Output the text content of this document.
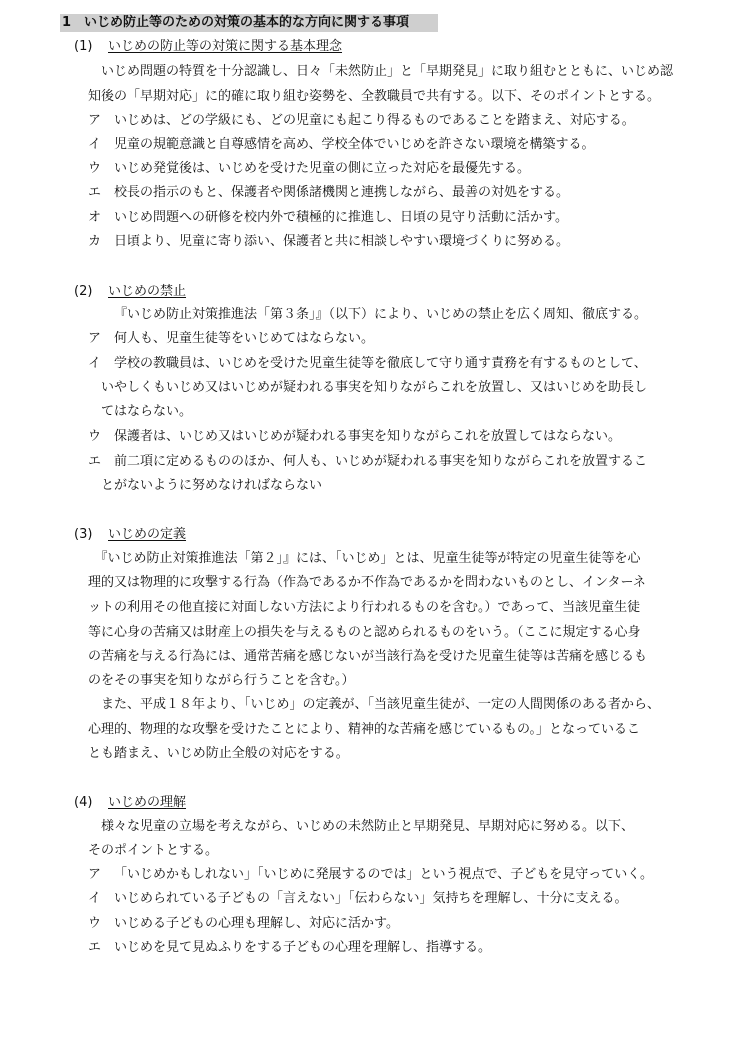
1　いじめ防止等のための対策の基本的な方向に関する事項
(1) いじめの防止等の対策に関する基本理念
　いじめ問題の特質を十分認識し、日々「未然防止」と「早期発見」に取り組むとともに、いじめ認
知後の「早期対応」に的確に取り組む姿勢を、全教職員で共有する。以下、そのポイントとする。
ア いじめは、どの学級にも、どの児童にも起こり得るものであることを踏まえ、対応する。
イ 児童の規範意識と自尊感情を高め、学校全体でいじめを許さない環境を構築する。
ウ いじめ発覚後は、いじめを受けた児童の側に立った対応を最優先する。
エ 校長の指示のもと、保護者や関係諸機関と連携しながら、最善の対処をする。
オ いじめ問題への研修を校内外で積極的に推進し、日頃の見守り活動に活かす。
カ 日頃より、児童に寄り添い、保護者と共に相談しやすい環境づくりに努める。
(2) いじめの禁止
『いじめ防止対策推進法「第３条」』（以下）により、いじめの禁止を広く周知、徹底する。
ア 何人も、児童生徒等をいじめてはならない。
イ 学校の教職員は、いじめを受けた児童生徒等を徹底して守り通す責務を有するものとして、
いやしくもいじめ又はいじめが疑われる事実を知りながらこれを放置し、又はいじめを助長し
てはならない。
ウ 保護者は、いじめ又はいじめが疑われる事実を知りながらこれを放置してはならない。
エ 前二項に定めるもののほか、何人も、いじめが疑われる事実を知りながらこれを放置するこ
とがないように努めなければならない
(3) いじめの定義
　『いじめ防止対策推進法「第２」』には、「いじめ」とは、児童生徒等が特定の児童生徒等を心
理的又は物理的に攻撃する行為（作為であるか不作為であるかを問わないものとし、インターネ
ットの利用その他直接に対面しない方法により行われるものを含む。）であって、当該児童生徒
等に心身の苦痛又は財産上の損失を与えるものと認められるものをいう。（ここに規定する心身
の苦痛を与える行為には、通常苦痛を感じないが当該行為を受けた児童生徒等は苦痛を感じるも
のをその事実を知りながら行うことを含む。）
　また、平成１８年より、「いじめ」の定義が、「当該児童生徒が、一定の人間関係のある者から、
心理的、物理的な攻撃を受けたことにより、精神的な苦痛を感じているもの。」となっているこ
とも踏まえ、いじめ防止全般の対応をする。
(4) いじめの理解
　様々な児童の立場を考えながら、いじめの未然防止と早期発見、早期対応に努める。以下、
そのポイントとする。
ア 「いじめかもしれない」「いじめに発展するのでは」という視点で、子どもを見守っていく。
イ いじめられている子どもの「言えない」「伝わらない」気持ちを理解し、十分に支える。
ウ いじめる子どもの心理も理解し、対応に活かす。
エ いじめを見て見ぬふりをする子どもの心理を理解し、指導する。
